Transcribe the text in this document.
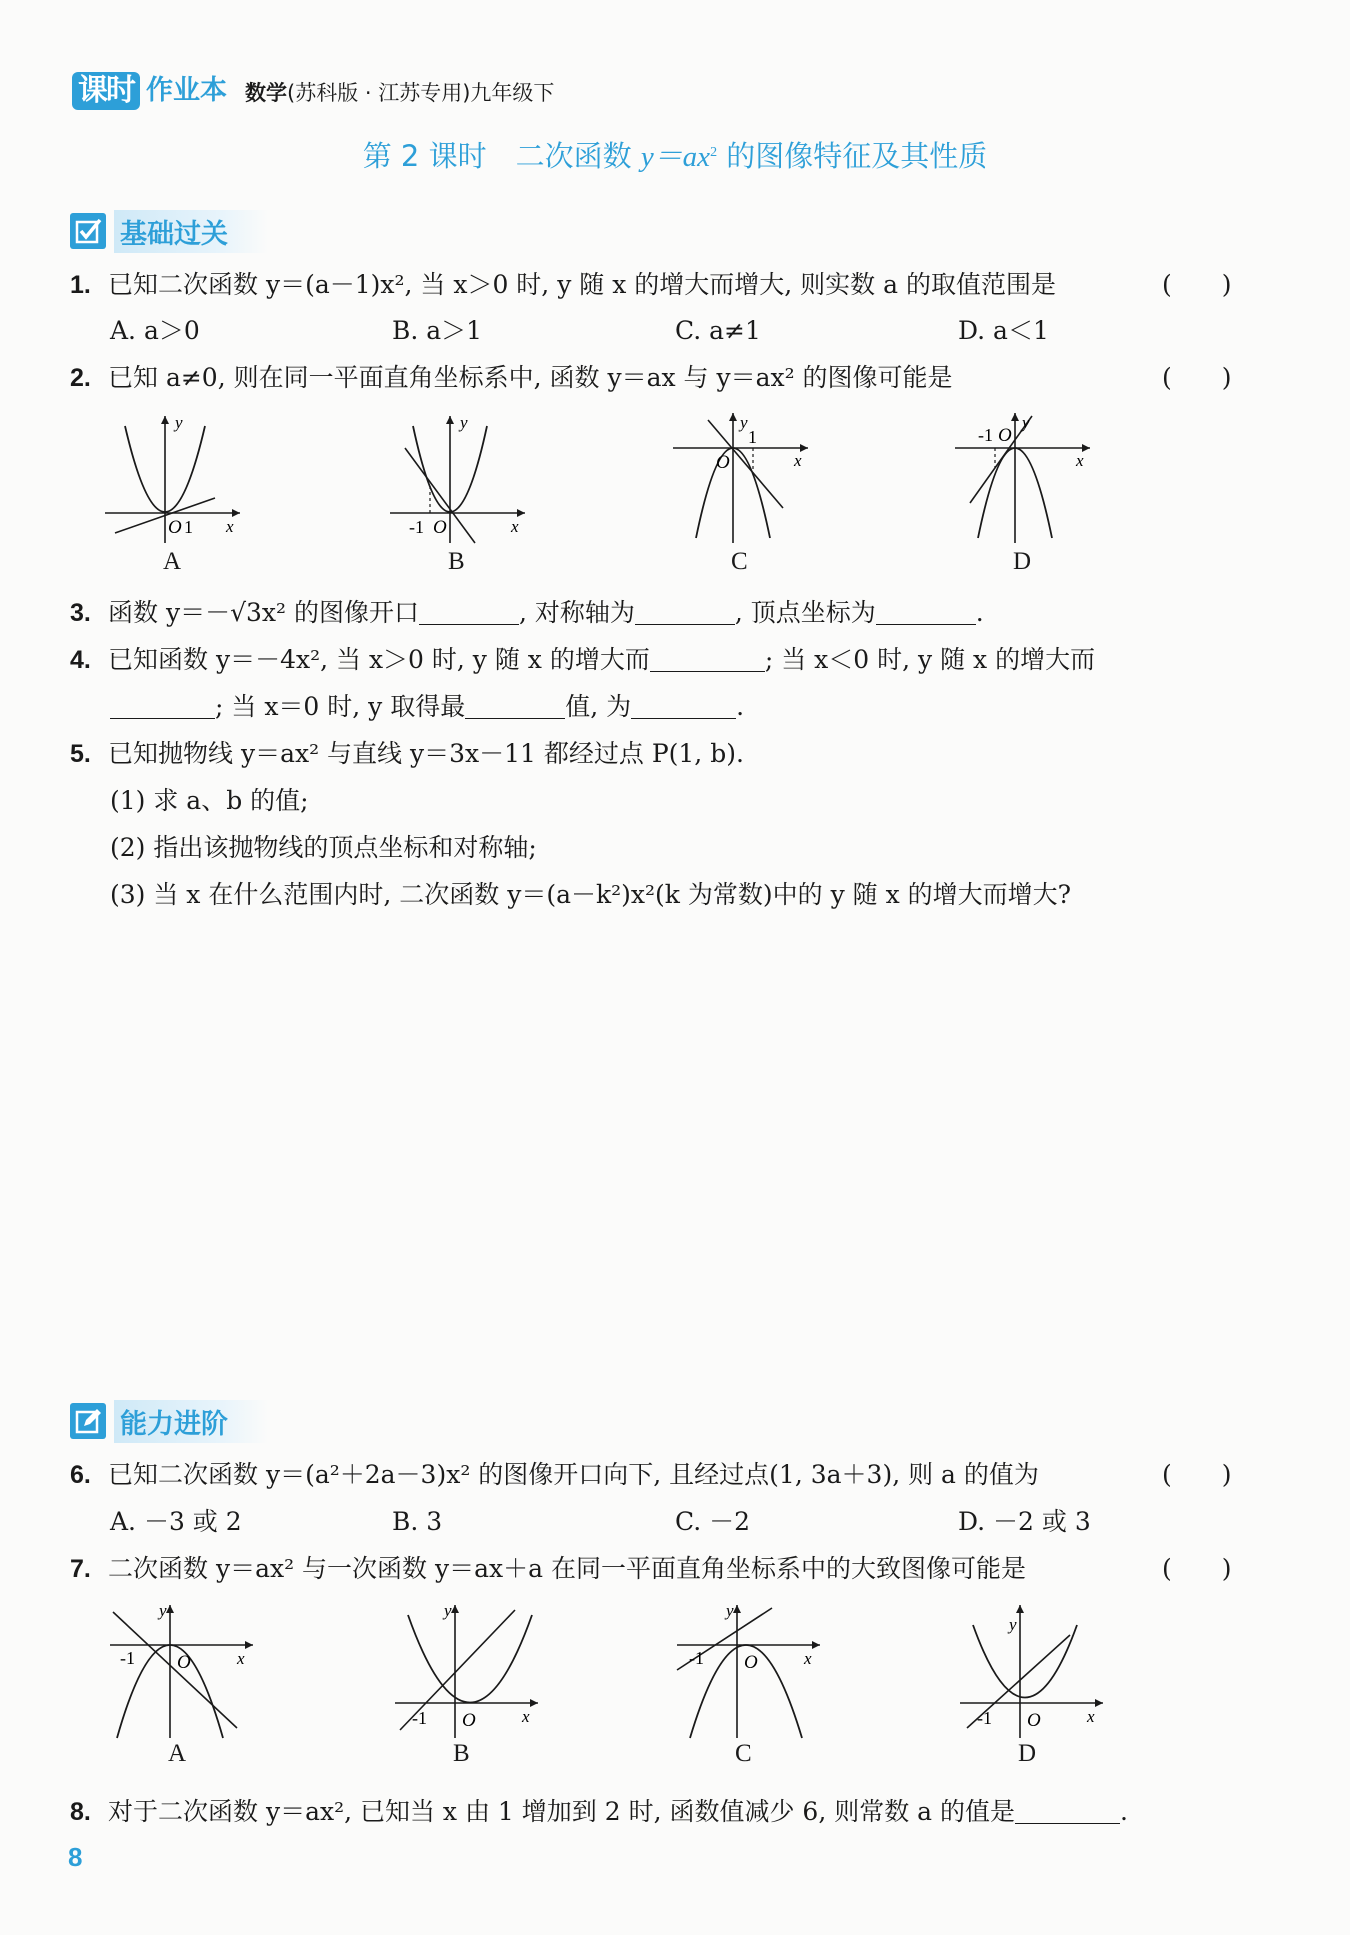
课时 作业本 数学 (苏科版 · 江苏专用)九年级下
第 2 课时　二次函数 $y=ax^2$ 的图像特征及其性质
基础过关
1. 已知二次函数 y＝(a－1)x², 当 x＞0 时, y 随 x 的增大而增大, 则实数 a 的取值范围是	(　　)
A. a＞0	B. a＞1	C. a≠1	D. a＜1
2. 已知 a≠0, 则在同一平面直角坐标系中, 函数 y＝ax 与 y＝ax² 的图像可能是	(　　)
y
x
O 1
A
y
x
-1 O
B
y
x
O
1
C
y
x
-1 O
D
3. 函数 y＝－√3x² 的图像开口	, 对称轴为	, 顶点坐标为	.
4. 已知函数 y＝－4x², 当 x＞0 时, y 随 x 的增大而	; 当 x＜0 时, y 随 x 的增大而
; 当 x＝0 时, y 取得最	值, 为	.
5. 已知抛物线 y＝ax² 与直线 y＝3x－11 都经过点 P(1, b).
(1) 求 a、b 的值;
(2) 指出该抛物线的顶点坐标和对称轴;
(3) 当 x 在什么范围内时, 二次函数 y＝(a－k²)x²(k 为常数)中的 y 随 x 的增大而增大?
能力进阶
6. 已知二次函数 y＝(a²＋2a－3)x² 的图像开口向下, 且经过点(1, 3a＋3), 则 a 的值为	(　　)
A. －3 或 2	B. 3	C. －2	D. －2 或 3
7. 二次函数 y＝ax² 与一次函数 y＝ax＋a 在同一平面直角坐标系中的大致图像可能是	(　　)
y
x
-1 O
A
y
x
-1 O
B
y
x
-1 O
C
y
x
-1 O
D
8. 对于二次函数 y＝ax², 已知当 x 由 1 增加到 2 时, 函数值减少 6, 则常数 a 的值是	.
8
